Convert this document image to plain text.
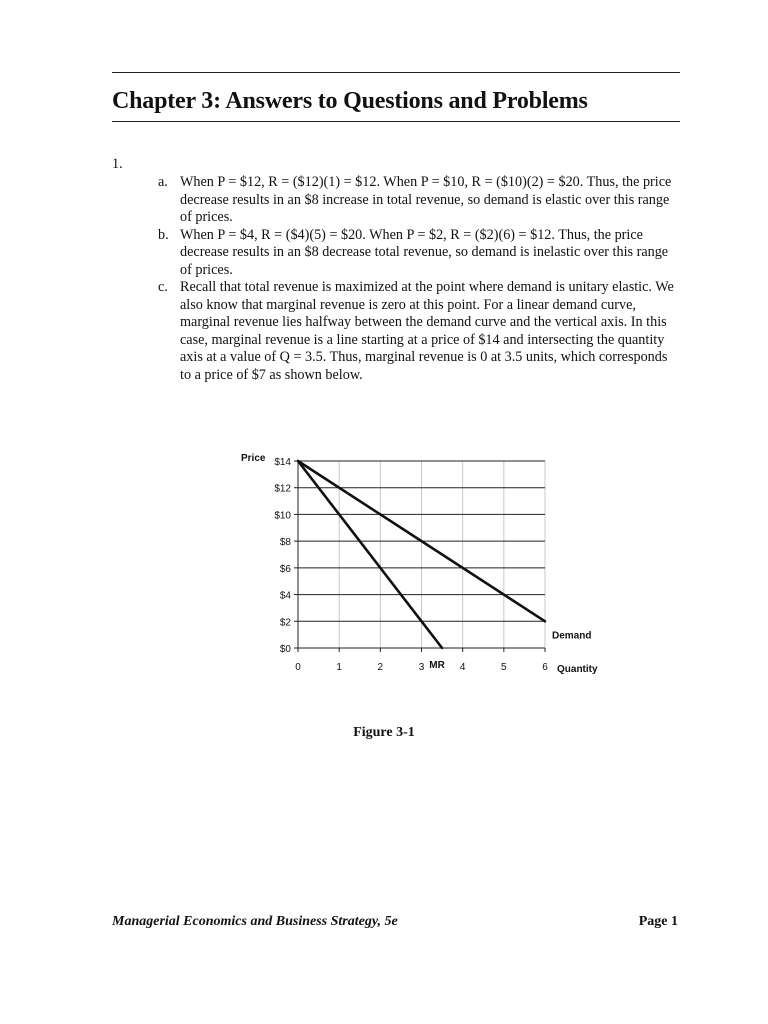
Chapter 3: Answers to Questions and Problems
1.
a. When P = $12, R = ($12)(1) = $12. When P = $10, R = ($10)(2) = $20. Thus, the price decrease results in an $8 increase in total revenue, so demand is elastic over this range of prices.
b. When P = $4, R = ($4)(5) = $20. When P = $2, R = ($2)(6) = $12. Thus, the price decrease results in an $8 decrease total revenue, so demand is inelastic over this range of prices.
c. Recall that total revenue is maximized at the point where demand is unitary elastic. We also know that marginal revenue is zero at this point. For a linear demand curve, marginal revenue lies halfway between the demand curve and the vertical axis. In this case, marginal revenue is a line starting at a price of $14 and intersecting the quantity axis at a value of Q = 3.5. Thus, marginal revenue is 0 at 3.5 units, which corresponds to a price of $7 as shown below.
$0
$2
$4
$6
$8
$10
$12
$14
0	1	2	3	4	5	6
Price
Quantity
Demand
MR
Figure 3-1
Managerial Economics and Business Strategy, 5e	Page 1
